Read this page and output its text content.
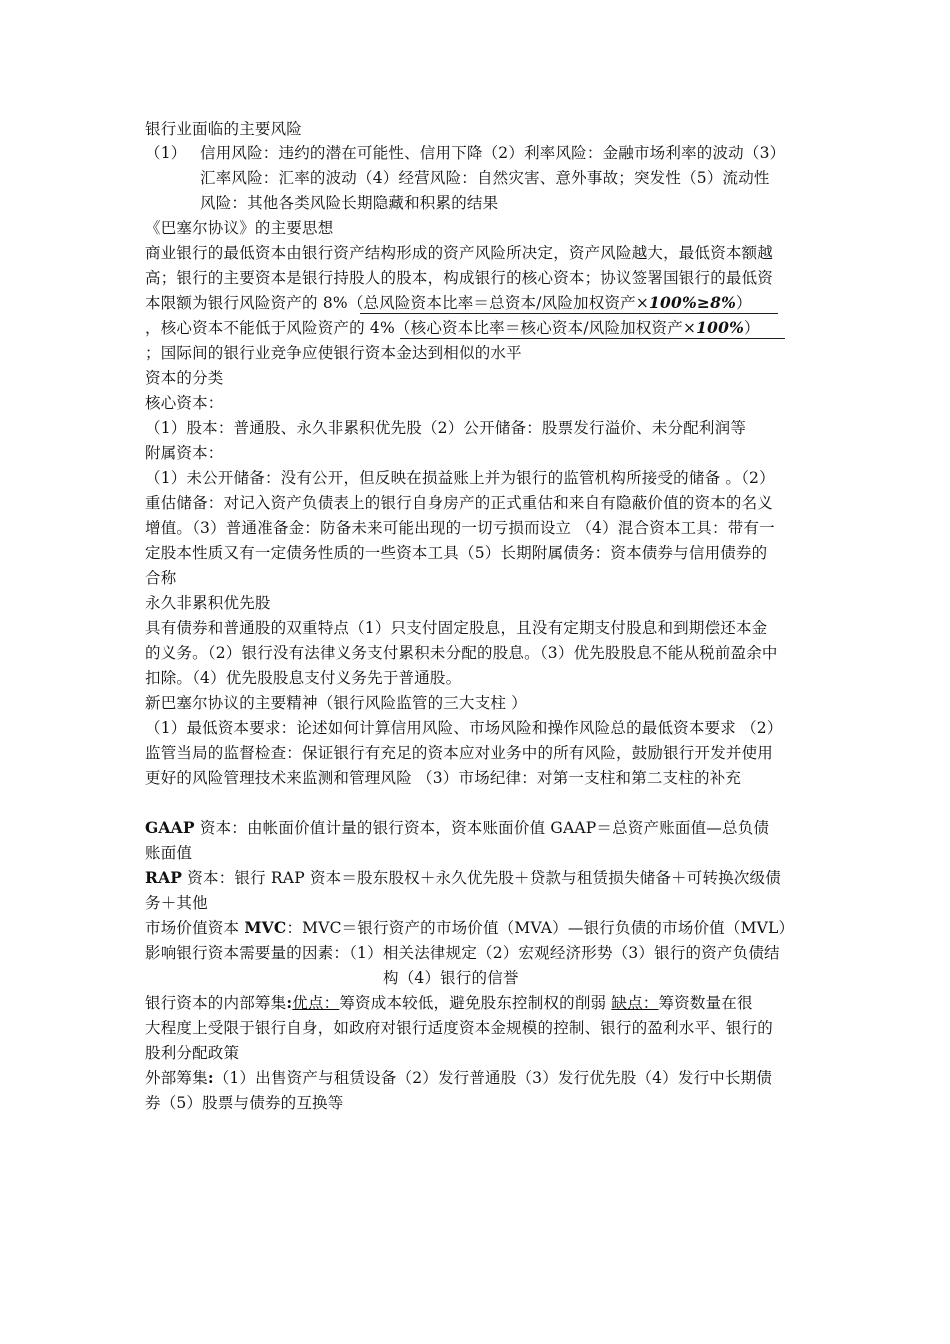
银行业面临的主要风险
（1） 信用风险：违约的潜在可能性、信用下降（2）利率风险：金融市场利率的波动（3）
汇率风险：汇率的波动（4）经营风险：自然灾害、意外事故；突发性（5）流动性
风险：其他各类风险长期隐藏和积累的结果
《巴塞尔协议》的主要思想
商业银行的最低资本由银行资产结构形成的资产风险所决定，资产风险越大，最低资本额越
高；银行的主要资本是银行持股人的股本，构成银行的核心资本；协议签署国银行的最低资
本限额为银行风险资产的 8%（总风险资本比率＝总资本/风险加权资产×100%≥8%）
，核心资本不能低于风险资产的 4%（核心资本比率＝核心资本/风险加权资产×100%）
；国际间的银行业竞争应使银行资本金达到相似的水平
资本的分类
核心资本：
（1）股本：普通股、永久非累积优先股（2）公开储备：股票发行溢价、未分配利润等
附属资本：
（1）未公开储备：没有公开，但反映在损益账上并为银行的监管机构所接受的储备 。（2）
重估储备：对记入资产负债表上的银行自身房产的正式重估和来自有隐蔽价值的资本的名义
增值。（3）普通准备金：防备未来可能出现的一切亏损而设立 （4）混合资本工具：带有一
定股本性质又有一定债务性质的一些资本工具（5）长期附属债务：资本债券与信用债券的
合称
永久非累积优先股
具有债券和普通股的双重特点（1）只支付固定股息，且没有定期支付股息和到期偿还本金
的义务。（2）银行没有法律义务支付累积未分配的股息。（3）优先股股息不能从税前盈余中
扣除。（4）优先股股息支付义务先于普通股。
新巴塞尔协议的主要精神（银行风险监管的三大支柱 ）
（1）最低资本要求：论述如何计算信用风险、市场风险和操作风险总的最低资本要求 （2）
监管当局的监督检查：保证银行有充足的资本应对业务中的所有风险，鼓励银行开发并使用
更好的风险管理技术来监测和管理风险 （3）市场纪律：对第一支柱和第二支柱的补充
GAAP 资本：由帐面价值计量的银行资本，资本账面价值 GAAP＝总资产账面值—总负债
账面值
RAP 资本：银行 RAP 资本＝股东股权＋永久优先股＋贷款与租赁损失储备＋可转换次级债
务＋其他
市场价值资本 MVC：MVC＝银行资产的市场价值（MVA）—银行负债的市场价值（MVL）
影响银行资本需要量的因素：（1）相关法律规定（2）宏观经济形势（3）银行的资产负债结
构（4）银行的信誉
银行资本的内部筹集:优点：筹资成本较低，避免股东控制权的削弱 缺点：筹资数量在很
大程度上受限于银行自身，如政府对银行适度资本金规模的控制、银行的盈利水平、银行的
股利分配政策
外部筹集:（1）出售资产与租赁设备（2）发行普通股（3）发行优先股（4）发行中长期债
券（5）股票与债券的互换等
